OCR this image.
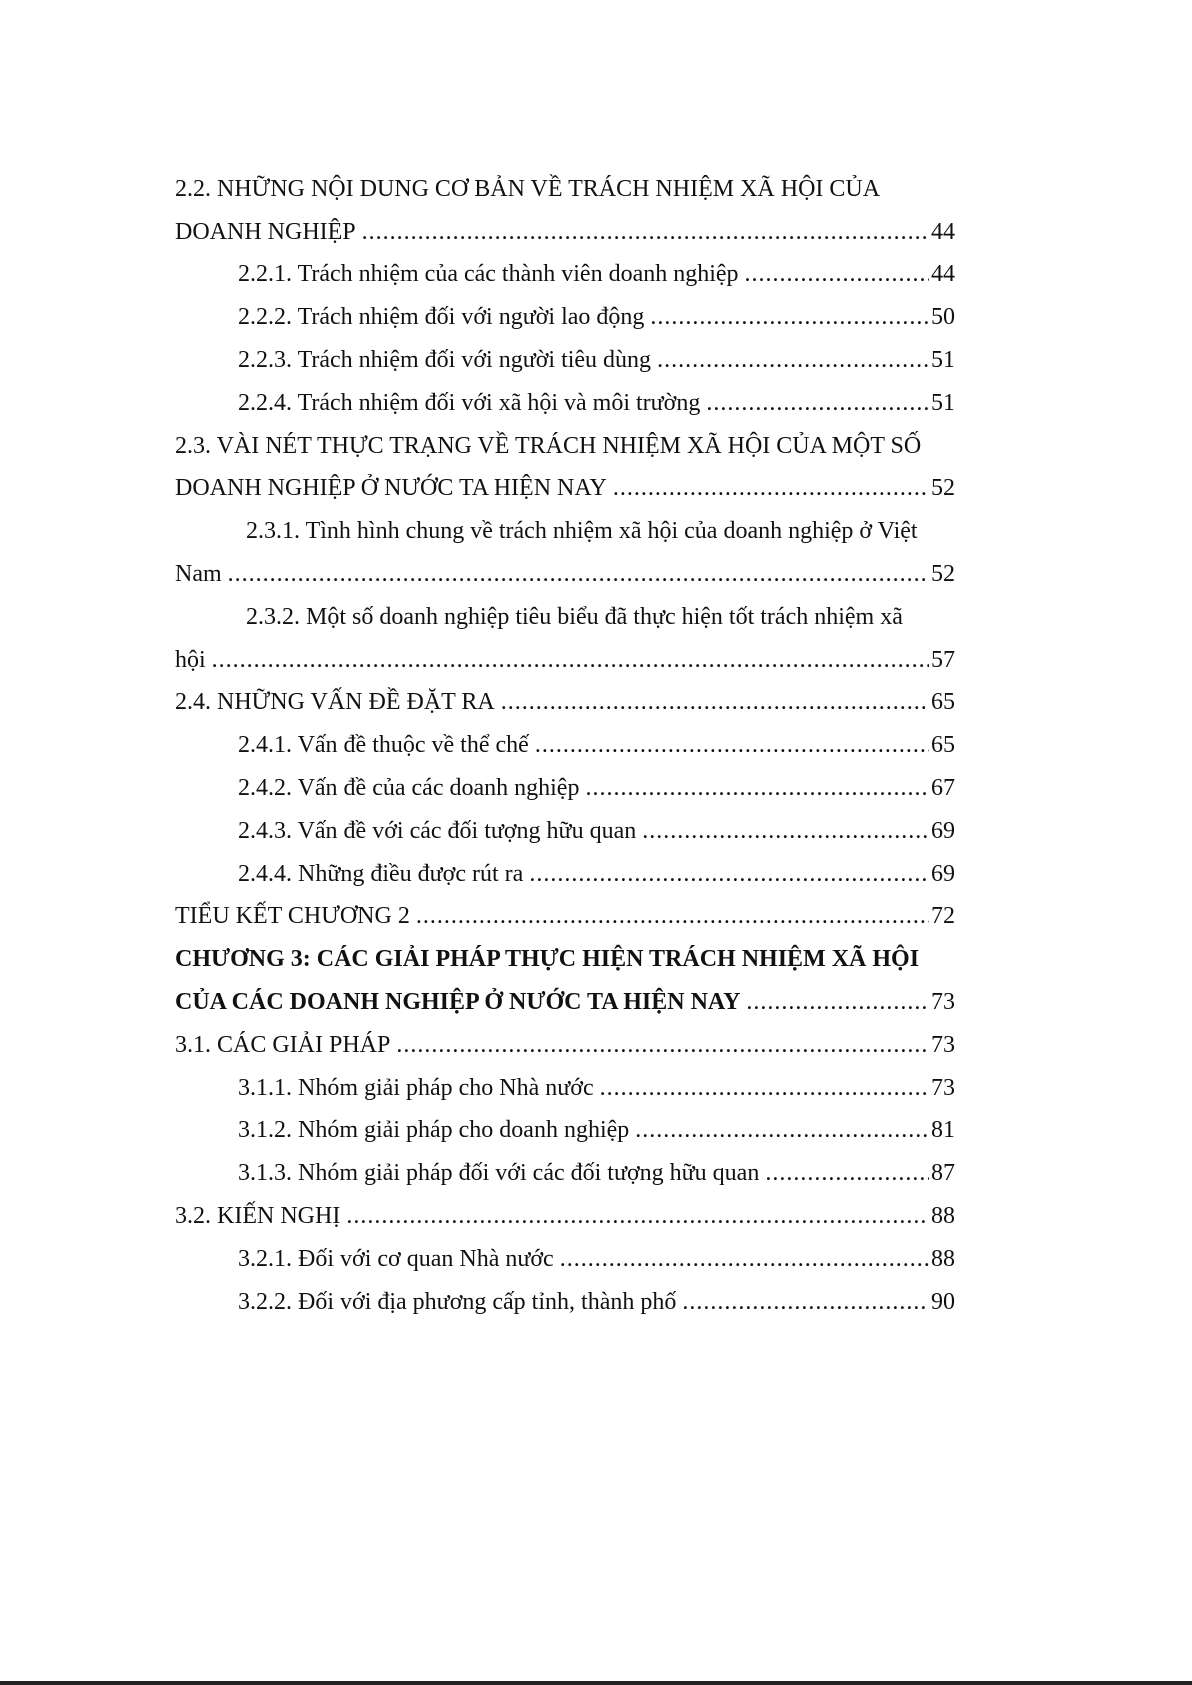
2.2. NHỮNG NỘI DUNG CƠ BẢN VỀ TRÁCH NHIỆM XÃ HỘI CỦA
DOANH NGHIỆP .....	44
2.2.1. Trách nhiệm của các thành viên doanh nghiệp .....	44
2.2.2. Trách nhiệm đối với người lao động .....	50
2.2.3. Trách nhiệm đối với người tiêu dùng .....	51
2.2.4. Trách nhiệm đối với xã hội và môi trường .....	51
2.3. VÀI NÉT THỰC TRẠNG VỀ TRÁCH NHIỆM XÃ HỘI CỦA MỘT SỐ
DOANH NGHIỆP Ở NƯỚC TA HIỆN NAY .....	52
2.3.1. Tình hình chung về trách nhiệm xã hội của doanh nghiệp ở Việt
Nam .....	52
2.3.2. Một số doanh nghiệp tiêu biểu đã thực hiện tốt trách nhiệm xã
hội .....	57
2.4. NHỮNG VẤN ĐỀ ĐẶT RA .....	65
2.4.1. Vấn đề thuộc về thể chế .....	65
2.4.2. Vấn đề của các doanh nghiệp .....	67
2.4.3. Vấn đề với các đối tượng hữu quan .....	69
2.4.4. Những điều được rút ra .....	69
TIỂU KẾT CHƯƠNG 2 .....	72
CHƯƠNG 3: CÁC GIẢI PHÁP THỰC HIỆN TRÁCH NHIỆM XÃ HỘI
CỦA CÁC DOANH NGHIỆP Ở NƯỚC TA HIỆN NAY .....	73
3.1. CÁC GIẢI PHÁP .....	73
3.1.1. Nhóm giải pháp cho Nhà nước .....	73
3.1.2. Nhóm giải pháp cho doanh nghiệp .....	81
3.1.3. Nhóm giải pháp đối với các đối tượng hữu quan .....	87
3.2. KIẾN NGHỊ .....	88
3.2.1. Đối với cơ quan Nhà nước .....	88
3.2.2. Đối với địa phương cấp tỉnh, thành phố .....	90
